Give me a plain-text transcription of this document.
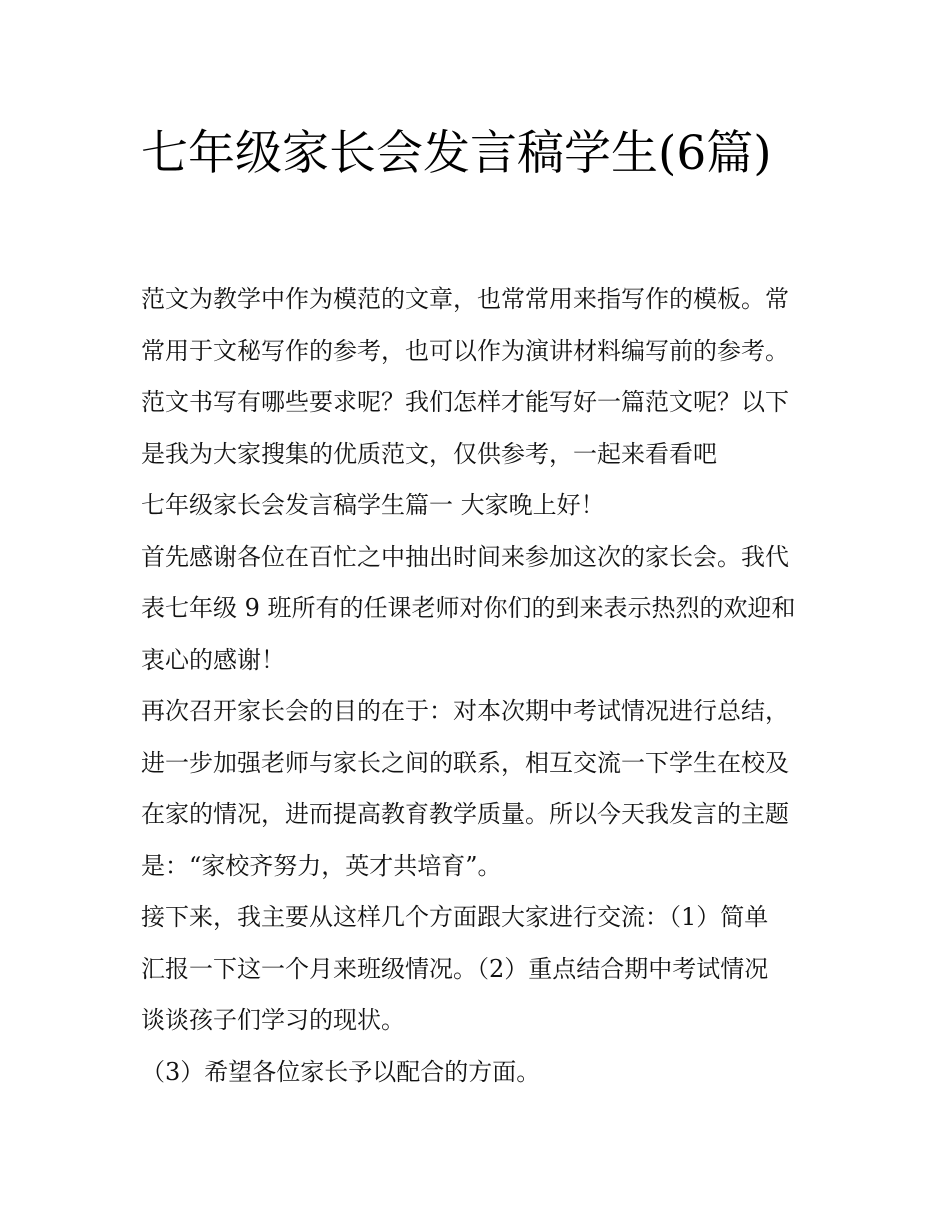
七年级家长会发言稿学生(6篇)
范文为教学中作为模范的文章，也常常用来指写作的模板。常
常用于文秘写作的参考，也可以作为演讲材料编写前的参考。
范文书写有哪些要求呢？我们怎样才能写好一篇范文呢？以下
是我为大家搜集的优质范文，仅供参考，一起来看看吧
七年级家长会发言稿学生篇一 大家晚上好！
首先感谢各位在百忙之中抽出时间来参加这次的家长会。我代
表七年级 9 班所有的任课老师对你们的到来表示热烈的欢迎和
衷心的感谢！
再次召开家长会的目的在于：对本次期中考试情况进行总结，
进一步加强老师与家长之间的联系，相互交流一下学生在校及
在家的情况，进而提高教育教学质量。所以今天我发言的主题
是：“家校齐努力，英才共培育”。
接下来，我主要从这样几个方面跟大家进行交流：（1）简单
汇报一下这一个月来班级情况。（2）重点结合期中考试情况
谈谈孩子们学习的现状。
（3）希望各位家长予以配合的方面。
